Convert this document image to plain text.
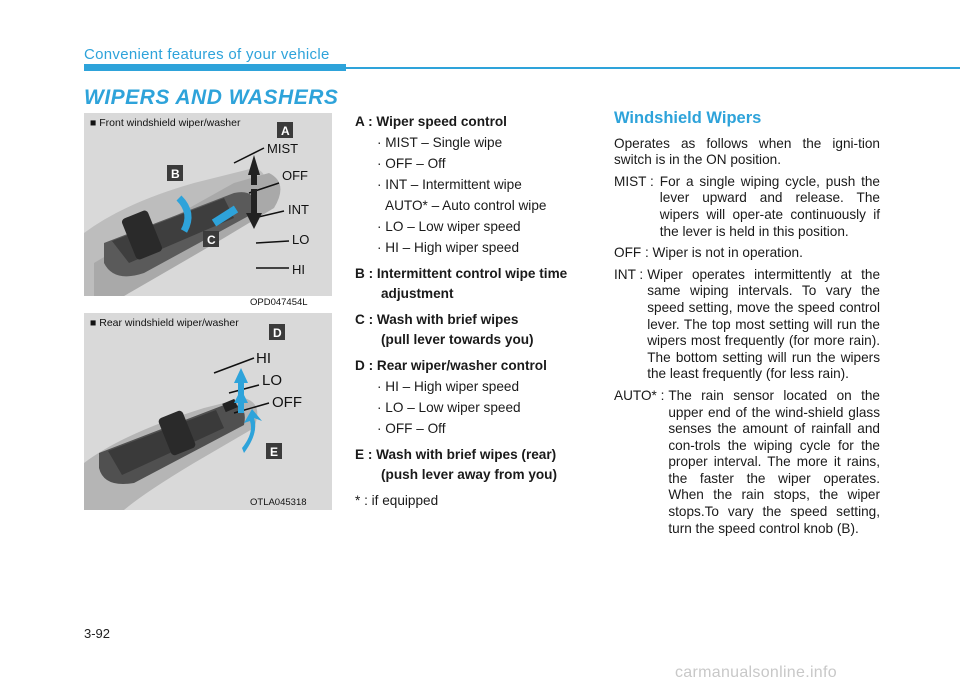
Convenient features of your vehicle
WIPERS AND WASHERS
■ Front windshield wiper/washer
A
B
C
MIST
OFF
INT
LO
HI
OPD047454L
■ Rear windshield wiper/washer
D
E
HI
LO
OFF
OTLA045318
A : Wiper speed control
· MIST – Single wipe
· OFF – Off
· INT – Intermittent wipe
AUTO* – Auto control wipe
· LO – Low wiper speed
· HI – High wiper speed
B : Intermittent control wipe time
adjustment
C : Wash with brief wipes
(pull lever towards you)
D : Rear wiper/washer control
· HI – High wiper speed
· LO – Low wiper speed
· OFF – Off
E : Wash with brief wipes (rear)
(push lever away from you)
* : if equipped
Windshield Wipers

Operates as follows when the igni-tion switch is in the ON position.

MIST : For a single wiping cycle, push the lever upward and release. The wipers will oper-ate continuously if the lever is held in this position.

OFF : Wiper is not in operation.

INT : Wiper operates intermittently at the same wiping intervals. To vary the speed setting, move the speed control lever. The top most setting will run the wipers most frequently (for more rain). The bottom setting will run the wipers the least frequently (for less rain).
AUTO* : The rain sensor located on the upper end of the wind-shield glass senses the amount of rainfall and con-trols the wiping cycle for the proper interval. The more it rains, the faster the wiper operates. When the rain stops, the wiper stops.To vary the speed setting, turn the speed control knob (B).
3-92
carmanualsonline.info
